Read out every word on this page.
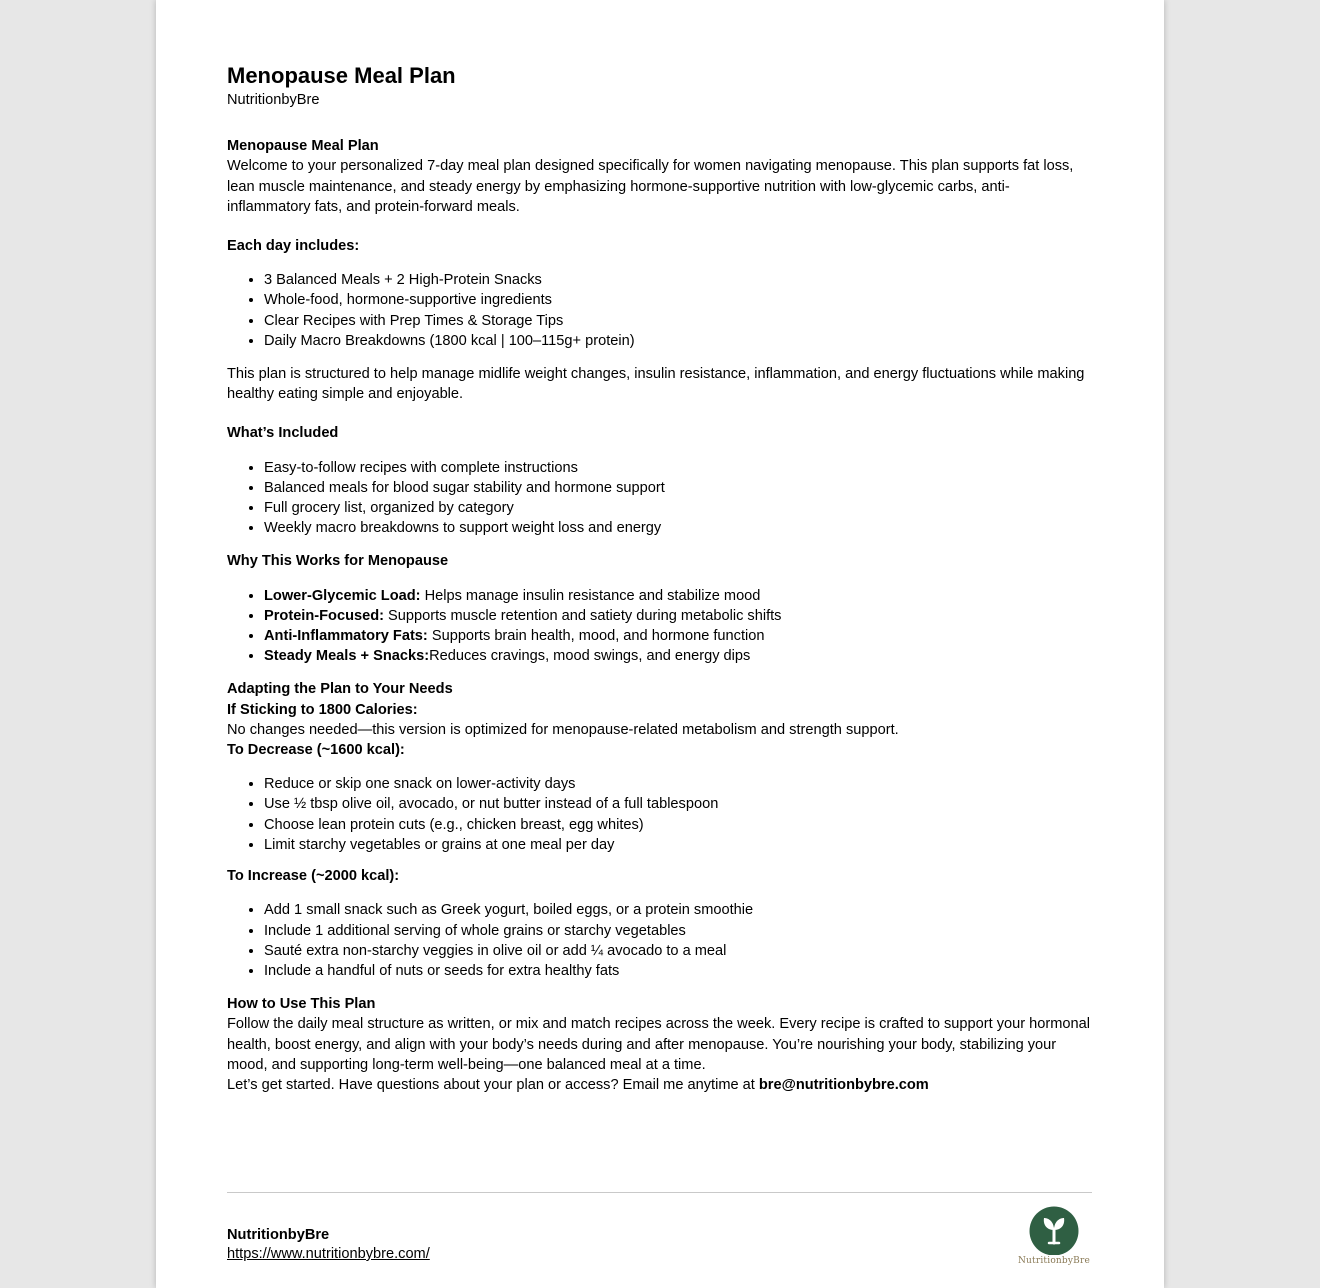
Menopause Meal Plan

NutritionbyBre

Menopause Meal Plan

Welcome to your personalized 7-day meal plan designed specifically for women navigating menopause. This plan supports fat loss, lean muscle maintenance, and steady energy by emphasizing hormone-supportive nutrition with low-glycemic carbs, anti-inflammatory fats, and protein-forward meals.

Each day includes:

• 3 Balanced Meals + 2 High-Protein Snacks
• Whole-food, hormone-supportive ingredients
• Clear Recipes with Prep Times & Storage Tips
• Daily Macro Breakdowns (1800 kcal | 100–115g+ protein)

This plan is structured to help manage midlife weight changes, insulin resistance, inflammation, and energy fluctuations while making healthy eating simple and enjoyable.

What’s Included

• Easy-to-follow recipes with complete instructions
• Balanced meals for blood sugar stability and hormone support
• Full grocery list, organized by category
• Weekly macro breakdowns to support weight loss and energy

Why This Works for Menopause

• Lower-Glycemic Load: Helps manage insulin resistance and stabilize mood
• Protein-Focused: Supports muscle retention and satiety during metabolic shifts
• Anti-Inflammatory Fats: Supports brain health, mood, and hormone function
• Steady Meals + Snacks:Reduces cravings, mood swings, and energy dips

Adapting the Plan to Your Needs

If Sticking to 1800 Calories:

No changes needed—this version is optimized for menopause-related metabolism and strength support.

To Decrease (~1600 kcal):

• Reduce or skip one snack on lower-activity days
• Use ½ tbsp olive oil, avocado, or nut butter instead of a full tablespoon
• Choose lean protein cuts (e.g., chicken breast, egg whites)
• Limit starchy vegetables or grains at one meal per day

To Increase (~2000 kcal):

• Add 1 small snack such as Greek yogurt, boiled eggs, or a protein smoothie
• Include 1 additional serving of whole grains or starchy vegetables
• Sauté extra non-starchy veggies in olive oil or add ¼ avocado to a meal
• Include a handful of nuts or seeds for extra healthy fats

How to Use This Plan

Follow the daily meal structure as written, or mix and match recipes across the week. Every recipe is crafted to support your hormonal health, boost energy, and align with your body’s needs during and after menopause. You’re nourishing your body, stabilizing your mood, and supporting long-term well-being—one balanced meal at a time.

Let’s get started. Have questions about your plan or access? Email me anytime at bre@nutritionbybre.com

NutritionbyBre
https://www.nutritionbybre.com/	NutritionbyBre
